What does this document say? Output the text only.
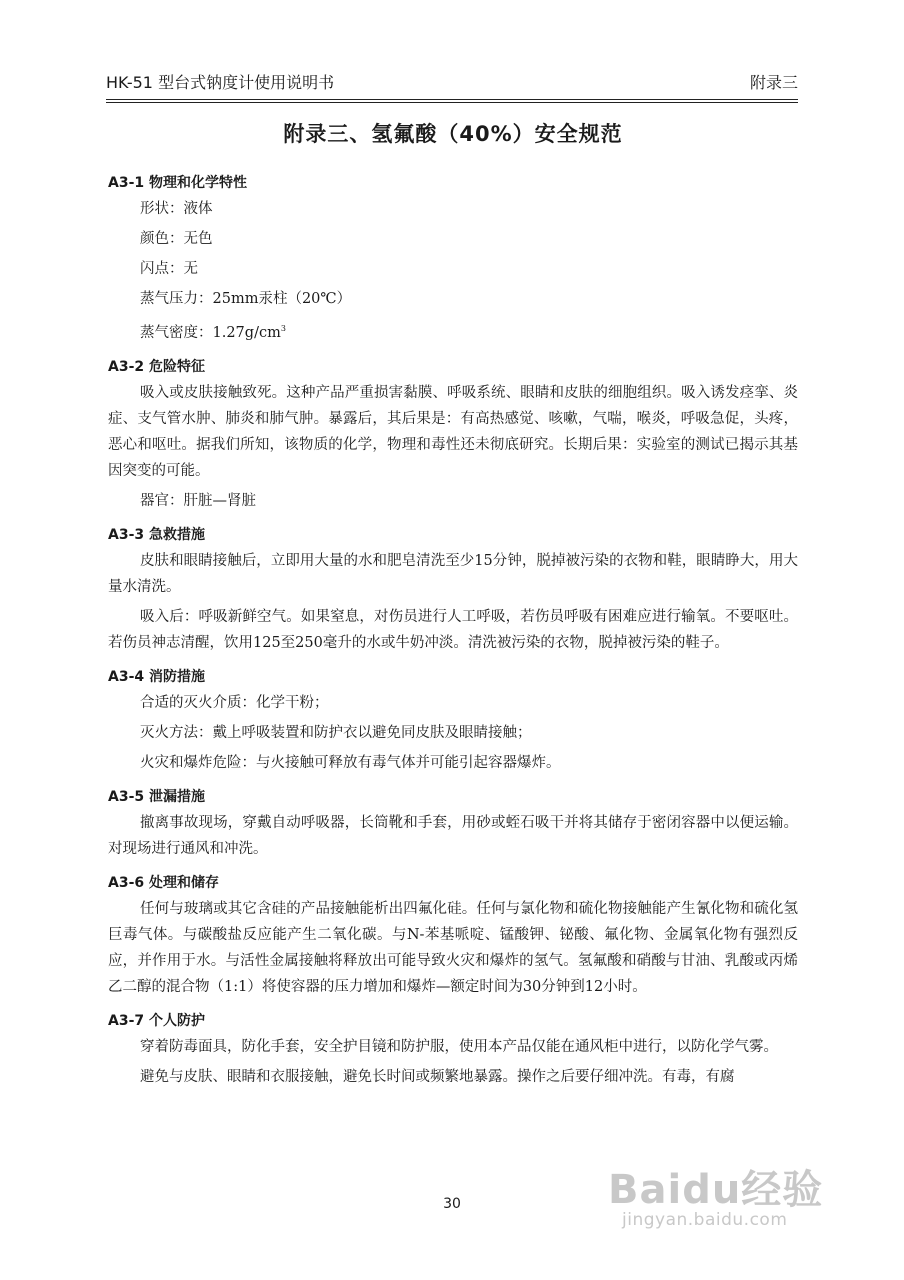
HK-51 型台式钠度计使用说明书	附录三
附录三、氢氟酸（40%）安全规范

A3-1 物理和化学特性

形状：液体

颜色：无色

闪点：无

蒸气压力：25mm汞柱（20℃）

蒸气密度：$1.27g/cm^3$

A3-2 危险特征

吸入或皮肤接触致死。这种产品严重损害黏膜、呼吸系统、眼睛和皮肤的细胞组织。吸入诱发痉挛、炎症、支气管水肿、肺炎和肺气肿。暴露后，其后果是：有高热感觉、咳嗽，气喘，喉炎，呼吸急促，头疼，恶心和呕吐。据我们所知，该物质的化学，物理和毒性还未彻底研究。长期后果：实验室的测试已揭示其基因突变的可能。

器官：肝脏—肾脏

A3-3 急救措施

皮肤和眼睛接触后，立即用大量的水和肥皂清洗至少15分钟，脱掉被污染的衣物和鞋，眼睛睁大，用大量水清洗。

吸入后：呼吸新鲜空气。如果窒息，对伤员进行人工呼吸，若伤员呼吸有困难应进行输氧。不要呕吐。若伤员神志清醒，饮用125至250毫升的水或牛奶冲淡。清洗被污染的衣物，脱掉被污染的鞋子。

A3-4 消防措施

合适的灭火介质：化学干粉；

灭火方法：戴上呼吸装置和防护衣以避免同皮肤及眼睛接触；

火灾和爆炸危险：与火接触可释放有毒气体并可能引起容器爆炸。

A3-5 泄漏措施

撤离事故现场，穿戴自动呼吸器，长筒靴和手套，用砂或蛭石吸干并将其储存于密闭容器中以便运输。对现场进行通风和冲洗。

A3-6 处理和储存

任何与玻璃或其它含硅的产品接触能析出四氟化硅。任何与氯化物和硫化物接触能产生氰化物和硫化氢巨毒气体。与碳酸盐反应能产生二氧化碳。与N-苯基哌啶、锰酸钾、铋酸、氟化物、金属氧化物有强烈反应，并作用于水。与活性金属接触将释放出可能导致火灾和爆炸的氢气。氢氟酸和硝酸与甘油、乳酸或丙烯乙二醇的混合物（1:1）将使容器的压力增加和爆炸—额定时间为30分钟到12小时。

A3-7 个人防护

穿着防毒面具，防化手套，安全护目镜和防护服，使用本产品仅能在通风柜中进行，以防化学气雾。

避免与皮肤、眼睛和衣服接触，避免长时间或频繁地暴露。操作之后要仔细冲洗。有毒，有腐

30	Baidu经验
jingyan.baidu.com
